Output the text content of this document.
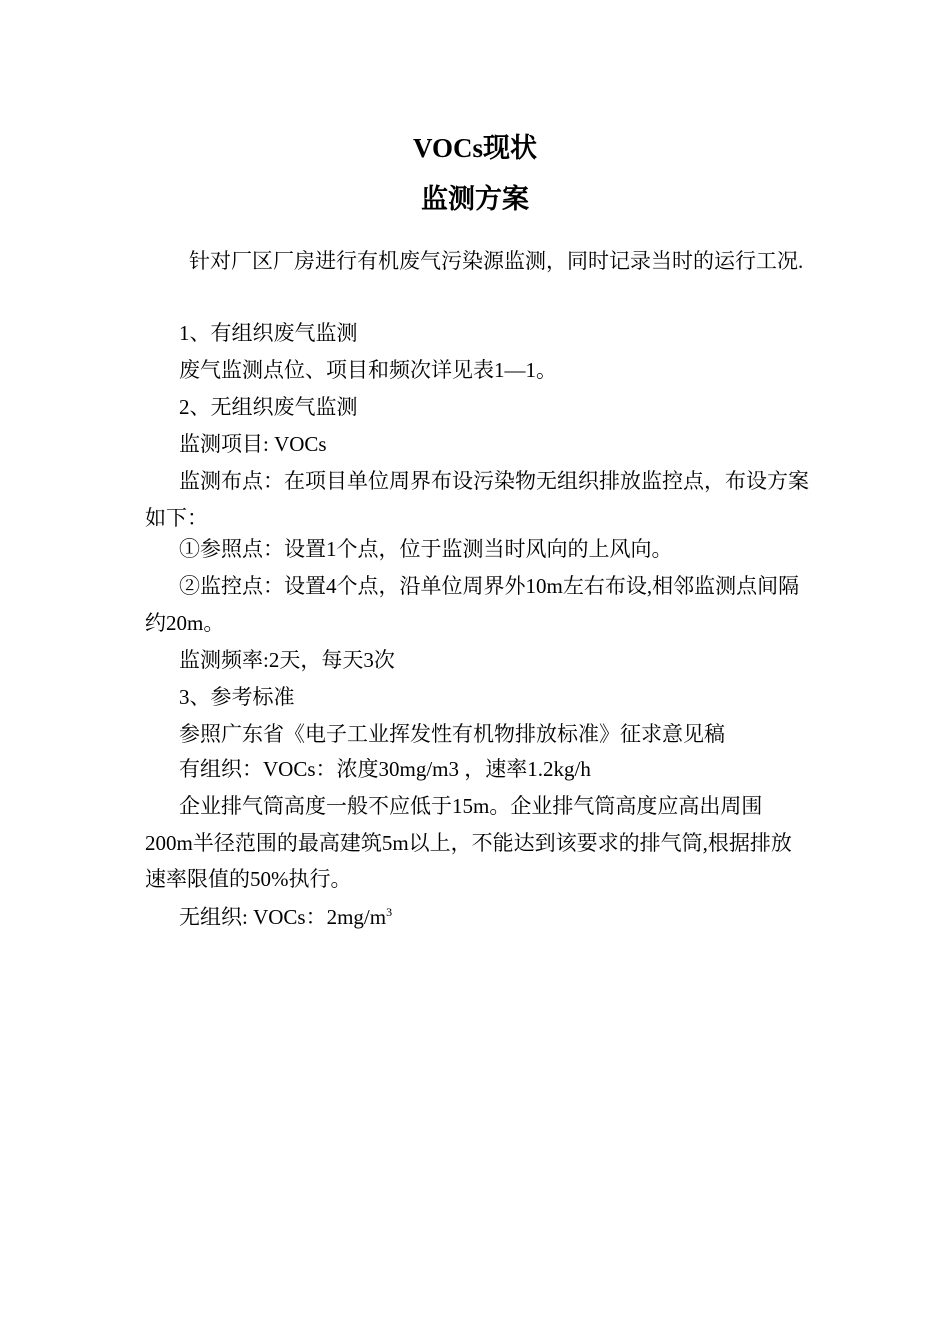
VOCs现状
监测方案

针对厂区厂房进行有机废气污染源监测，同时记录当时的运行工况.

1、有组织废气监测

废气监测点位、项目和频次详见表1—1。

2、无组织废气监测

监测项目: VOCs

监测布点：在项目单位周界布设污染物无组织排放监控点，布设方案如下：

①参照点：设置1个点，位于监测当时风向的上风向。

②监控点：设置4个点，沿单位周界外10m左右布设,相邻监测点间隔约20m。

监测频率:2天，每天3次

3、参考标准

参照广东省《电子工业挥发性有机物排放标准》征求意见稿

有组织：VOCs：浓度30mg/m3 ，速率1.2kg/h

企业排气筒高度一般不应低于15m。企业排气筒高度应高出周围200m半径范围的最高建筑5m以上，不能达到该要求的排气筒,根据排放速率限值的50%执行。

无组织: VOCs：$2mg/m^3$
